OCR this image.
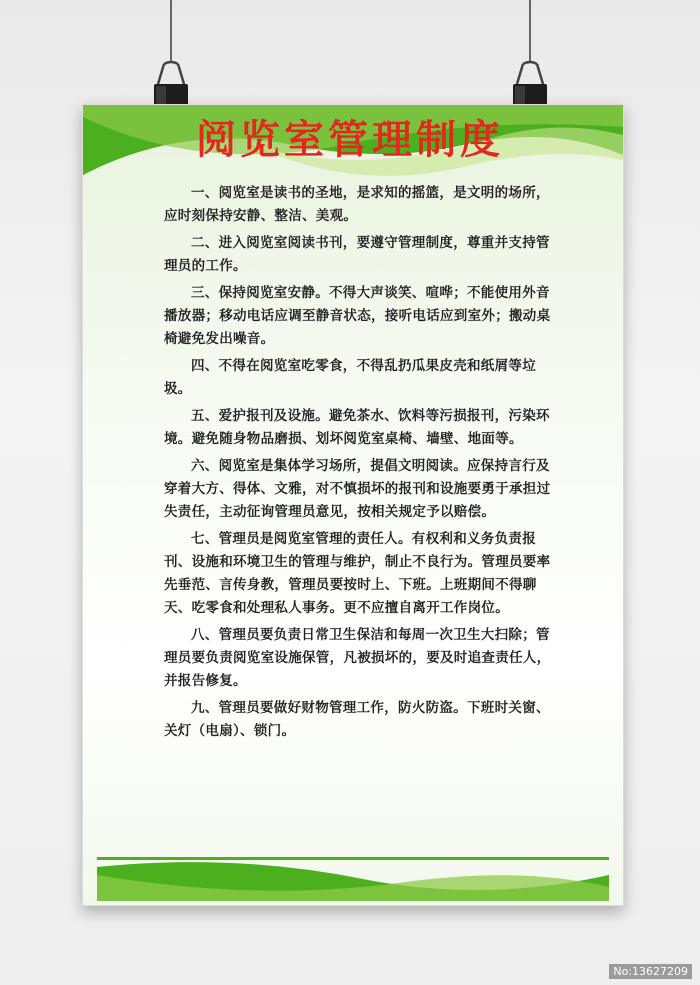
阅览室管理制度

一、阅览室是读书的圣地，是求知的摇篮，是文明的场所，应时刻保持安静、整洁、美观。

二、进入阅览室阅读书刊，要遵守管理制度，尊重并支持管理员的工作。

三、保持阅览室安静。不得大声谈笑、喧哗；不能使用外音播放器；移动电话应调至静音状态，接听电话应到室外；搬动桌椅避免发出噪音。

四、不得在阅览室吃零食，不得乱扔瓜果皮壳和纸屑等垃圾。

五、爱护报刊及设施。避免茶水、饮料等污损报刊，污染环境。避免随身物品磨损、划坏阅览室桌椅、墙壁、地面等。

六、阅览室是集体学习场所，提倡文明阅读。应保持言行及穿着大方、得体、文雅，对不慎损坏的报刊和设施要勇于承担过失责任，主动征询管理员意见，按相关规定予以赔偿。

七、管理员是阅览室管理的责任人。有权利和义务负责报刊、设施和环境卫生的管理与维护，制止不良行为。管理员要率先垂范、言传身教，管理员要按时上、下班。上班期间不得聊天、吃零食和处理私人事务。更不应擅自离开工作岗位。

八、管理员要负责日常卫生保洁和每周一次卫生大扫除；管理员要负责阅览室设施保管，凡被损坏的，要及时追查责任人，并报告修复。

九、管理员要做好财物管理工作，防火防盗。下班时关窗、关灯（电扇）、锁门。

No:13627209
